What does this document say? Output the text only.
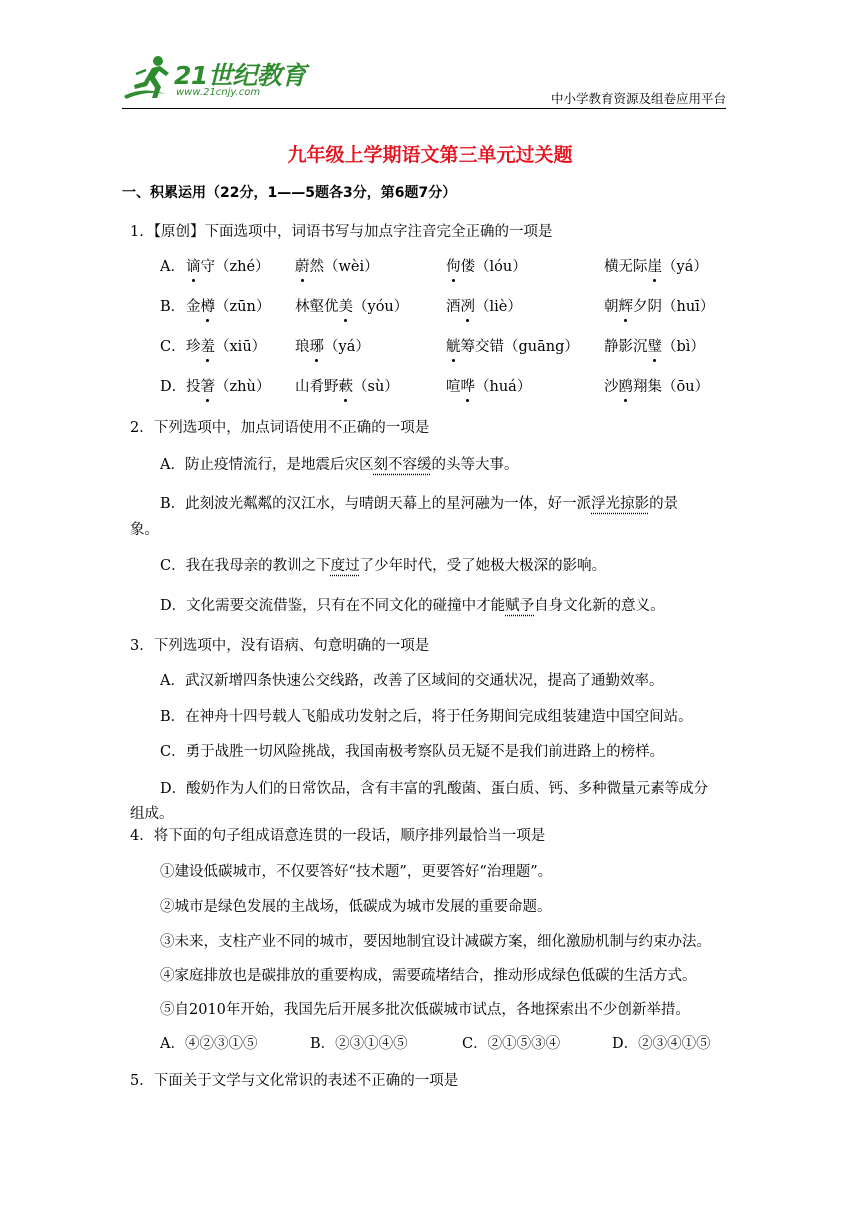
21世纪教育
www.21cnjy.com	中小学教育资源及组卷应用平台
九年级上学期语文第三单元过关题
一、积累运用（22分，1——5题各3分，第6题7分）
1．【原创】下面选项中，词语书写与加点字注音完全正确的一项是
A． 谪守（zhé） 蔚然（wèi）	佝偻（lóu）	横无际崖（yá）
B． 金樽（zūn） 林壑优美（yóu）	酒冽（liè）	朝辉夕阴（huī）
C． 珍羞（xiū） 琅琊（yá）	觥筹交错（guāng） 静影沉璧（bì）
D． 投箸（zhù） 山肴野蔌（sù）	喧哗（huá）	沙鸥翔集（ōu）
2．下列选项中，加点词语使用不正确的一项是
A．防止疫情流行，是地震后灾区刻不容缓的头等大事。
B．此刻波光粼粼的汉江水，与晴朗天幕上的星河融为一体，好一派浮光掠影的景
象。
C．我在我母亲的教训之下度过了少年时代，受了她极大极深的影响。
D．文化需要交流借鉴，只有在不同文化的碰撞中才能赋予自身文化新的意义。
3．下列选项中，没有语病、句意明确的一项是
A．武汉新增四条快速公交线路，改善了区域间的交通状况，提高了通勤效率。
B．在神舟十四号载人飞船成功发射之后，将于任务期间完成组装建造中国空间站。
C．勇于战胜一切风险挑战，我国南极考察队员无疑不是我们前进路上的榜样。
D．酸奶作为人们的日常饮品，含有丰富的乳酸菌、蛋白质、钙、多种微量元素等成分
组成。
4．将下面的句子组成语意连贯的一段话，顺序排列最恰当一项是
①建设低碳城市，不仅要答好“技术题”，更要答好“治理题”。
②城市是绿色发展的主战场，低碳成为城市发展的重要命题。
③未来，支柱产业不同的城市，要因地制宜设计减碳方案，细化激励机制与约束办法。
④家庭排放也是碳排放的重要构成，需要疏堵结合，推动形成绿色低碳的生活方式。
⑤自2010年开始，我国先后开展多批次低碳城市试点，各地探索出不少创新举措。
A．④②③①⑤	B．②③①④⑤	C．②①⑤③④	D．②③④①⑤
5．下面关于文学与文化常识的表述不正确的一项是
